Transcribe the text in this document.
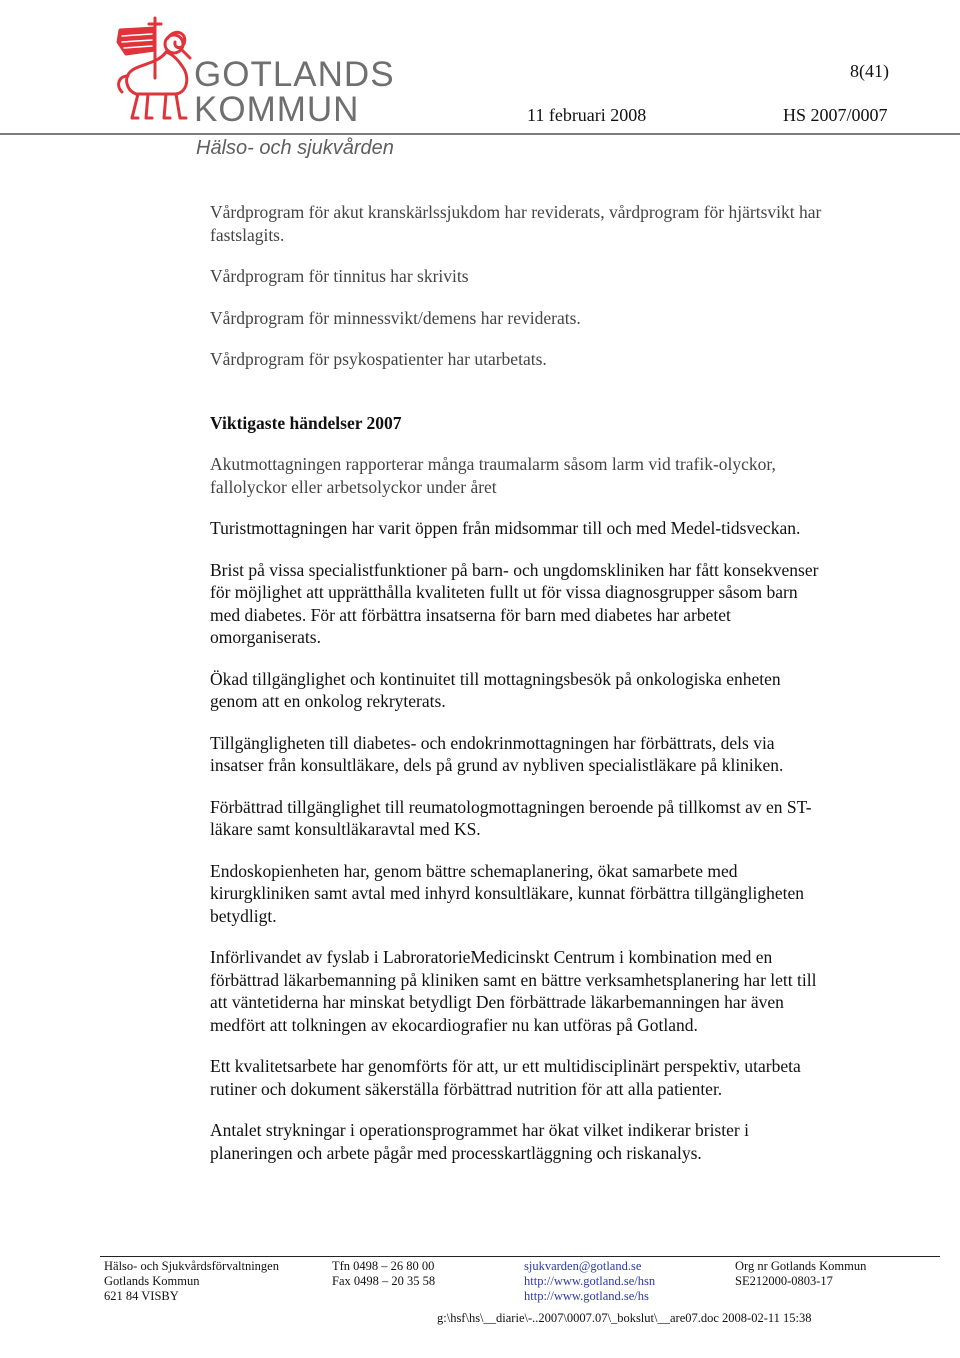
GOTLANDS
KOMMUN
Hälso- och sjukvården
8(41)
11 februari 2008	HS 2007/0007

Vårdprogram för akut kranskärlssjukdom har reviderats, vårdprogram för hjärtsvikt har fastslagits.

Vårdprogram för tinnitus har skrivits

Vårdprogram för minnessvikt/demens har reviderats.

Vårdprogram för psykospatienter har utarbetats.

Viktigaste händelser 2007

Akutmottagningen rapporterar många traumalarm såsom larm vid trafik-olyckor, fallolyckor eller arbetsolyckor under året

Turistmottagningen har varit öppen från midsommar till och med Medel-tidsveckan.

Brist på vissa specialistfunktioner på barn- och ungdomskliniken har fått konsekvenser för möjlighet att upprätthålla kvaliteten fullt ut för vissa diagnosgrupper såsom barn med diabetes. För att förbättra insatserna för barn med diabetes har arbetet omorganiserats.

Ökad tillgänglighet och kontinuitet till mottagningsbesök på onkologiska enheten genom att en onkolog rekryterats.

Tillgängligheten till diabetes- och endokrinmottagningen har förbättrats, dels via insatser från konsultläkare, dels på grund av nybliven specialistläkare på kliniken.

Förbättrad tillgänglighet till reumatologmottagningen beroende på tillkomst av en ST-läkare samt konsultläkaravtal med KS.

Endoskopienheten har, genom bättre schemaplanering, ökat samarbete med kirurgkliniken samt avtal med inhyrd konsultläkare, kunnat förbättra tillgängligheten betydligt.

Införlivandet av fyslab i LabroratorieMedicinskt Centrum i kombination med en förbättrad läkarbemanning på kliniken samt en bättre verksamhetsplanering har lett till att väntetiderna har minskat betydligt Den förbättrade läkarbemanningen har även medfört att tolkningen av ekocardiografier nu kan utföras på Gotland.

Ett kvalitetsarbete har genomförts för att, ur ett multidisciplinärt perspektiv, utarbeta rutiner och dokument säkerställa förbättrad nutrition för att alla patienter.

Antalet strykningar i operationsprogrammet har ökat vilket indikerar brister i planeringen och arbete pågår med processkartläggning och riskanalys.

Hälso- och Sjukvårdsförvaltningen
Gotlands Kommun
621 84 VISBY
Tfn 0498 – 26 80 00
Fax 0498 – 20 35 58
sjukvarden@gotland.se
http://www.gotland.se/hsn
http://www.gotland.se/hs
Org nr Gotlands Kommun
SE212000-0803-17
g:\hsf\hs\__diarie\-..2007\0007.07\_bokslut\__are07.doc 2008-02-11 15:38
